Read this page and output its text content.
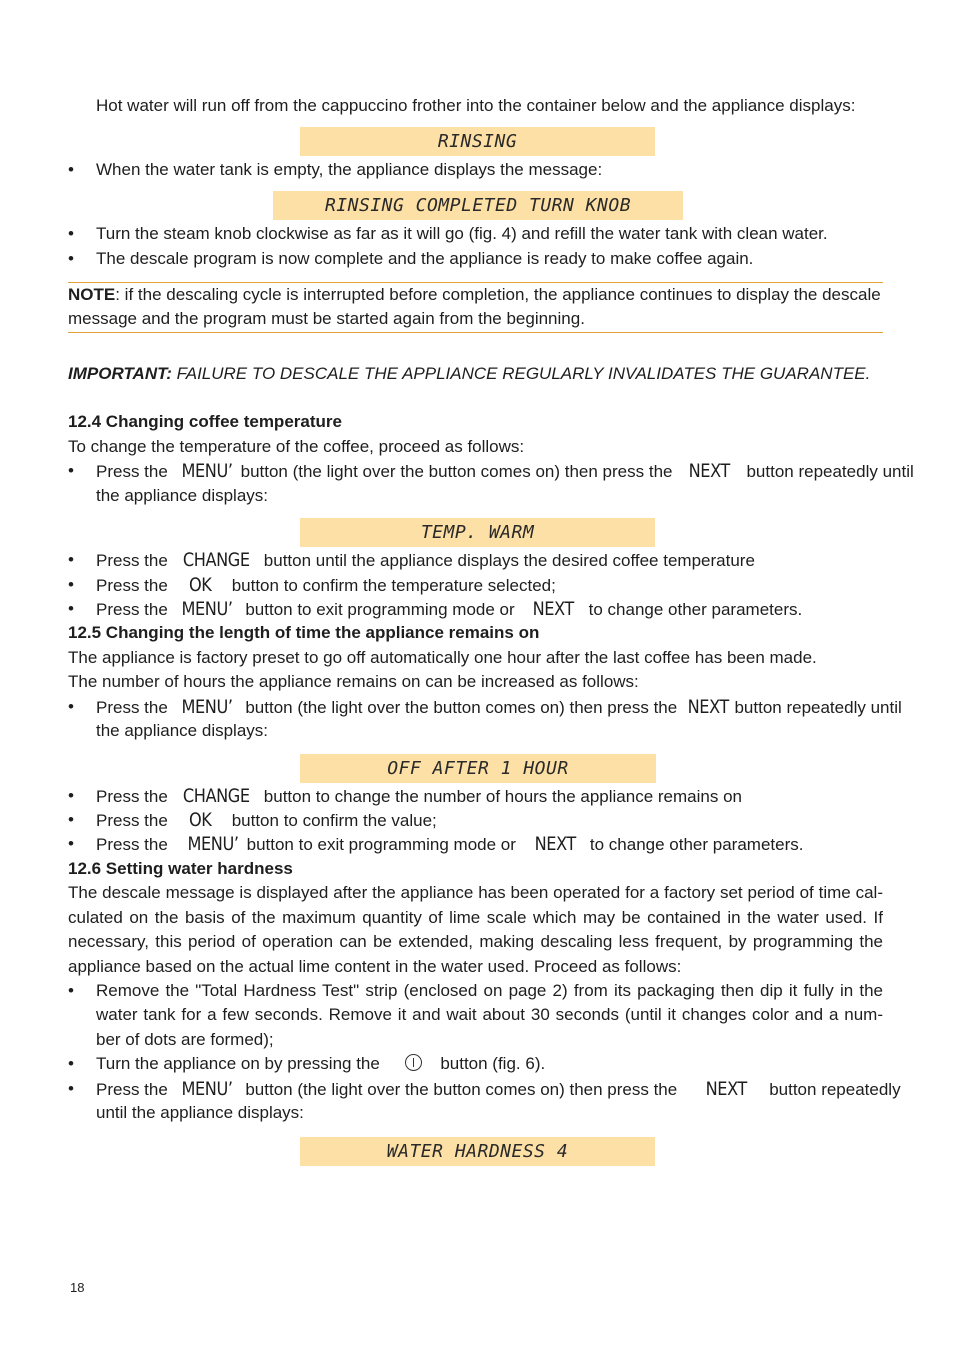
Hot water will run off from the cappuccino frother into the container below and the appliance displays:
RINSING
• When the water tank is empty, the appliance displays the message:
RINSING COMPLETED TURN KNOB
• Turn the steam knob clockwise as far as it will go (fig. 4) and refill the water tank with clean water.
• The descale program is now complete and the appliance is ready to make coffee again.
NOTE: if the descaling cycle is interrupted before completion, the appliance continues to display the descale
message and the program must be started again from the beginning.
IMPORTANT: FAILURE TO DESCALE THE APPLIANCE REGULARLY INVALIDATES THE GUARANTEE.
12.4 Changing coffee temperature
To change the temperature of the coffee, proceed as follows:
• Press the MENU’ button (the light over the button comes on) then press the NEXT button repeatedly until
the appliance displays:
TEMP. WARM
• Press the CHANGE button until the appliance displays the desired coffee temperature
• Press the OK button to confirm the temperature selected;
• Press the MENU’ button to exit programming mode or NEXT to change other parameters.
12.5 Changing the length of time the appliance remains on
The appliance is factory preset to go off automatically one hour after the last coffee has been made.
The number of hours the appliance remains on can be increased as follows:
• Press the MENU’ button (the light over the button comes on) then press the NEXT button repeatedly until
the appliance displays:
OFF AFTER 1 HOUR
• Press the CHANGE button to change the number of hours the appliance remains on
• Press the OK button to confirm the value;
• Press the MENU’ button to exit programming mode or NEXT to change other parameters.
12.6 Setting water hardness
The descale message is displayed after the appliance has been operated for a factory set period of time cal-
culated on the basis of the maximum quantity of lime scale which may be contained in the water used. If
necessary, this period of operation can be extended, making descaling less frequent, by programming the
appliance based on the actual lime content in the water used. Proceed as follows:
• Remove the "Total Hardness Test" strip (enclosed on page 2) from its packaging then dip it fully in the
water tank for a few seconds. Remove it and wait about 30 seconds (until it changes color and a num-
ber of dots are formed);
• Turn the appliance on by pressing the	button (fig. 6).
• Press the MENU’ button (the light over the button comes on) then press the NEXT button repeatedly
until the appliance displays:
WATER HARDNESS 4
18
